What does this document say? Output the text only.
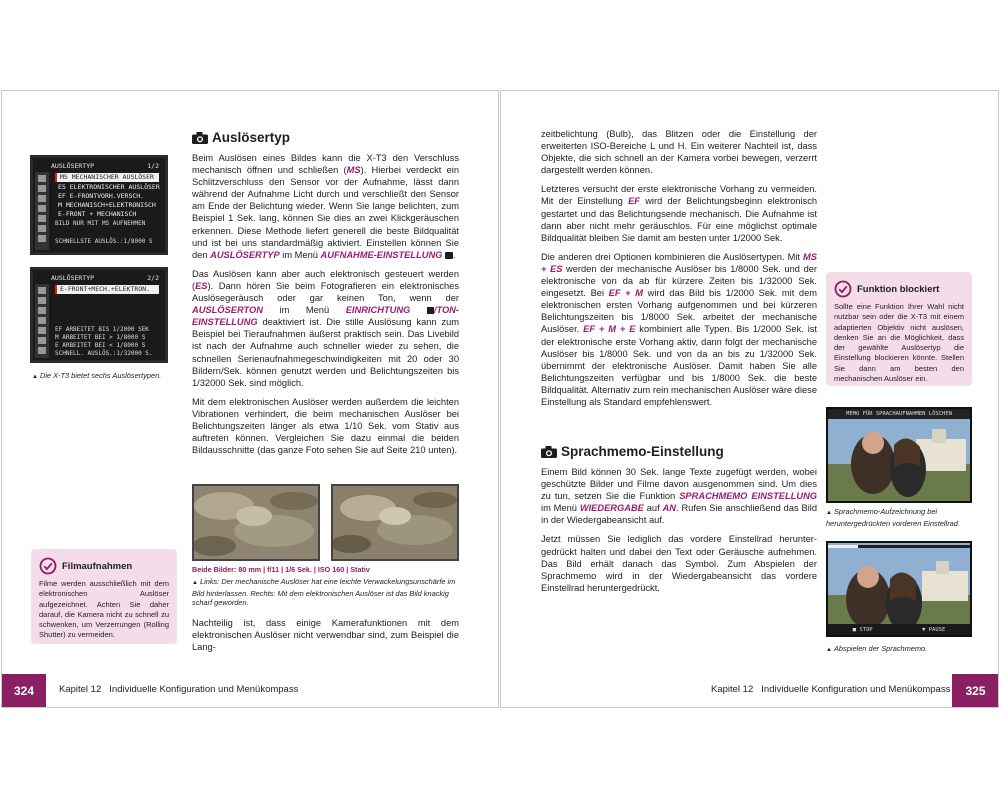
AUSLÖSERTYP	1/2
MS MECHANISCHER AUSLÖSER
ES ELEKTRONISCHER AUSLÖSER
EF E-FRONTVORH.VERSCH.
M MECHANISCH+ELEKTRONISCH
E-FRONT + MECHANISCH
BILD NUR MIT MS AUFNEHMEN
SCHNELLSTE AUSLÖS.:1/8000 S
AUSLÖSERTYP	2/2
E-FRONT+MECH.+ELEKTRON.
EF ARBEITET BIS 1/2000 SEK
M ARBEITET BEI > 1/8000 S
E ARBEITET BEI < 1/8000 S
SCHNELL. AUSLÖS.:1/32000 S.
▲ Die X-T3 bietet sechs Auslösertypen.
Auslösertyp

Beim Auslösen eines Bildes kann die X-T3 den Verschluss mechanisch öffnen und schließen (MS). Hierbei verdeckt ein Schlitzverschluss den Sensor vor der Aufnahme, lässt dann während der Aufnahme Licht durch und verschließt den Sensor am Ende der Belichtung wieder. Wenn Sie lange belichten, zum Beispiel 1 Sek. lang, können Sie dies an zwei Klickgeräuschen erkennen. Diese Methode liefert generell die beste Bildqualität und ist bei uns standardmäßig aktiviert. Einstellen können Sie den AUSLÖSERTYP im Menü AUFNAHME-EINSTELLUNG .

Das Auslösen kann aber auch elektronisch gesteuert werden (ES). Dann hören Sie beim Fotografieren ein elektronisches Auslösegeräusch oder gar keinen Ton, wenn der AUSLÖSERTON im Menü EINRICHTUNG	/TON-EINSTELLUNG deaktiviert ist. Die stille Auslösung kann zum Beispiel bei Tieraufnahmen äußerst praktisch sein. Das Livebild ist nach der Aufnahme auch schneller wieder zu sehen, die schnellen Serienaufnahmegeschwindigkeiten mit 20 oder 30 Bildern/Sek. können genutzt werden und Belichtungszeiten bis 1/32000 Sek. sind möglich.

Mit dem elektronischen Auslöser werden außerdem die leichten Vibrationen verhindert, die beim mechanischen Auslöser bei Belichtungszeiten länger als etwa 1/10 Sek. vom Stativ aus auftreten können. Vergleichen Sie dazu einmal die beiden Bildausschnitte (das ganze Foto sehen Sie auf Seite 210 unten).

Beide Bilder: 80 mm | f/11 | 1/6 Sek. | ISO 160 | Stativ
▲ Links: Der mechanische Auslöser hat eine leichte Verwackelungsunschärfe im Bild hinterlassen. Rechts: Mit dem elektronischen Auslöser ist das Bild knackig scharf geworden.

Nachteilig ist, dass einige Kamerafunktionen mit dem elektronischen Auslöser nicht verwendbar sind, zum Beispiel die Lang-

Filmaufnahmen
Filme werden ausschließlich mit dem elektronischen Auslöser aufgezeichnet. Achten Sie daher darauf, die Kamera nicht zu schnell zu schwenken, um Verzerrungen (Rolling Shutter) zu vermeiden.
324	Kapitel 12 Individuelle Konfiguration und Menükompass

zeitbelichtung (Bulb), das Blitzen oder die Einstellung der erweiterten ISO-Bereiche L und H. Ein weiterer Nachteil ist, dass Objekte, die sich schnell an der Kamera vorbei bewegen, verzerrt dargestellt werden können.

Letzteres versucht der erste elektronische Vorhang zu vermeiden. Mit der Einstellung EF wird der Belichtungsbeginn elektronisch gestartet und das Belichtungsende mechanisch. Die Aufnahme ist dann aber nicht mehr geräuschlos. Für eine möglichst optimale Bildqualität bleiben Sie damit am besten unter 1/2000 Sek.

Die anderen drei Optionen kombinieren die Auslösertypen. Mit MS + ES werden der mechanische Auslöser bis 1/8000 Sek. und der elektronische von da ab für kürzere Zeiten bis 1/32000 Sek. eingesetzt. Bei EF + M wird das Bild bis 1/2000 Sek. mit dem elektronischen ersten Vorhang aufgenommen und bei kürzeren Belichtungszeiten bis 1/8000 Sek. arbeitet der mechanische Auslöser. EF + M + E kombiniert alle Typen. Bis 1/2000 Sek. ist der elektronische erste Vorhang aktiv, dann folgt der mechanische Auslöser bis 1/8000 Sek. und von da an bis zu 1/32000 Sek. übernimmt der elektronische Auslöser. Damit haben Sie alle Belichtungszeiten verfügbar und bis 1/8000 Sek. die beste Bildqualität. Alternativ zum rein mechanischen Auslöser wäre diese Einstellung als Standard empfehlenswert.

Sprachmemo-Einstellung

Einem Bild können 30 Sek. lange Texte zugefügt werden, wobei geschützte Bilder und Filme davon ausgenommen sind. Um dies zu tun, setzen Sie die Funktion SPRACHMEMO EINSTELLUNG im Menü WIEDERGABE auf AN. Rufen Sie anschließend das Bild in der Wiedergabeansicht auf.

Jetzt müssen Sie lediglich das vordere Einstellrad heruntergedrückt halten und dabei den Text oder Geräusche aufnehmen. Das Bild erhält danach das Symbol. Zum Abspielen der Sprachmemo wird in der Wiedergabeansicht das vordere Einstellrad heruntergedrückt.

Funktion blockiert
Sollte eine Funktion Ihrer Wahl nicht nutzbar sein oder die X-T3 mit einem adaptierten Objektiv nicht auslösen, denken Sie an die Möglichkeit, dass der gewählte Auslösertyp die Einstellung blockieren könnte. Stellen Sie dann am besten den mechanischen Auslöser ein.
MEMO FÜR SPRACHAUFNAHMEN LÖSCHEN
▲ Sprachmemo-Aufzeichnung bei heruntergedrückten vorderen Einstellrad.
■ STOP	▼ PAUSE
▲ Abspielen der Sprachmemo.
Kapitel 12 Individuelle Konfiguration und Menükompass	325
